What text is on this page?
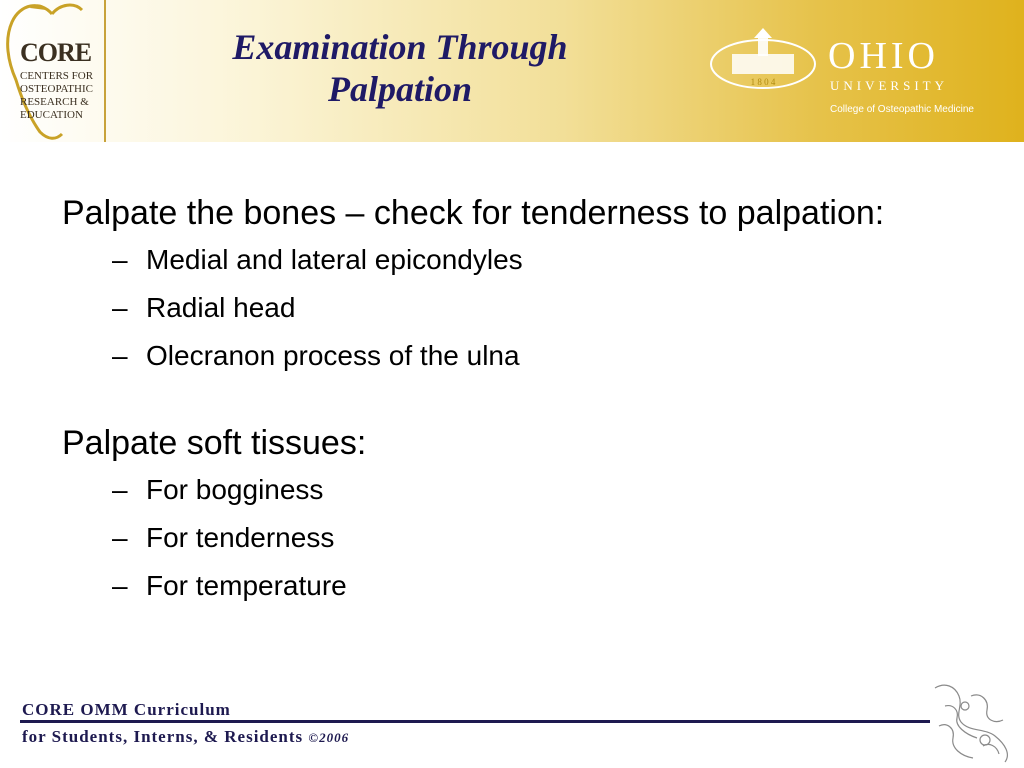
CORE
CENTERS FOR
OSTEOPATHIC
RESEARCH &
EDUCATION
Examination Through
Palpation	1 8 0 4
OHIO
UNIVERSITY
College of Osteopathic Medicine

Palpate the bones – check for tenderness to palpation:

– Medial and lateral epicondyles

– Radial head

– Olecranon process of the ulna

Palpate soft tissues:

– For bogginess

– For tenderness

– For temperature

CORE OMM Curriculum
for Students, Interns, & Residents ©2006
